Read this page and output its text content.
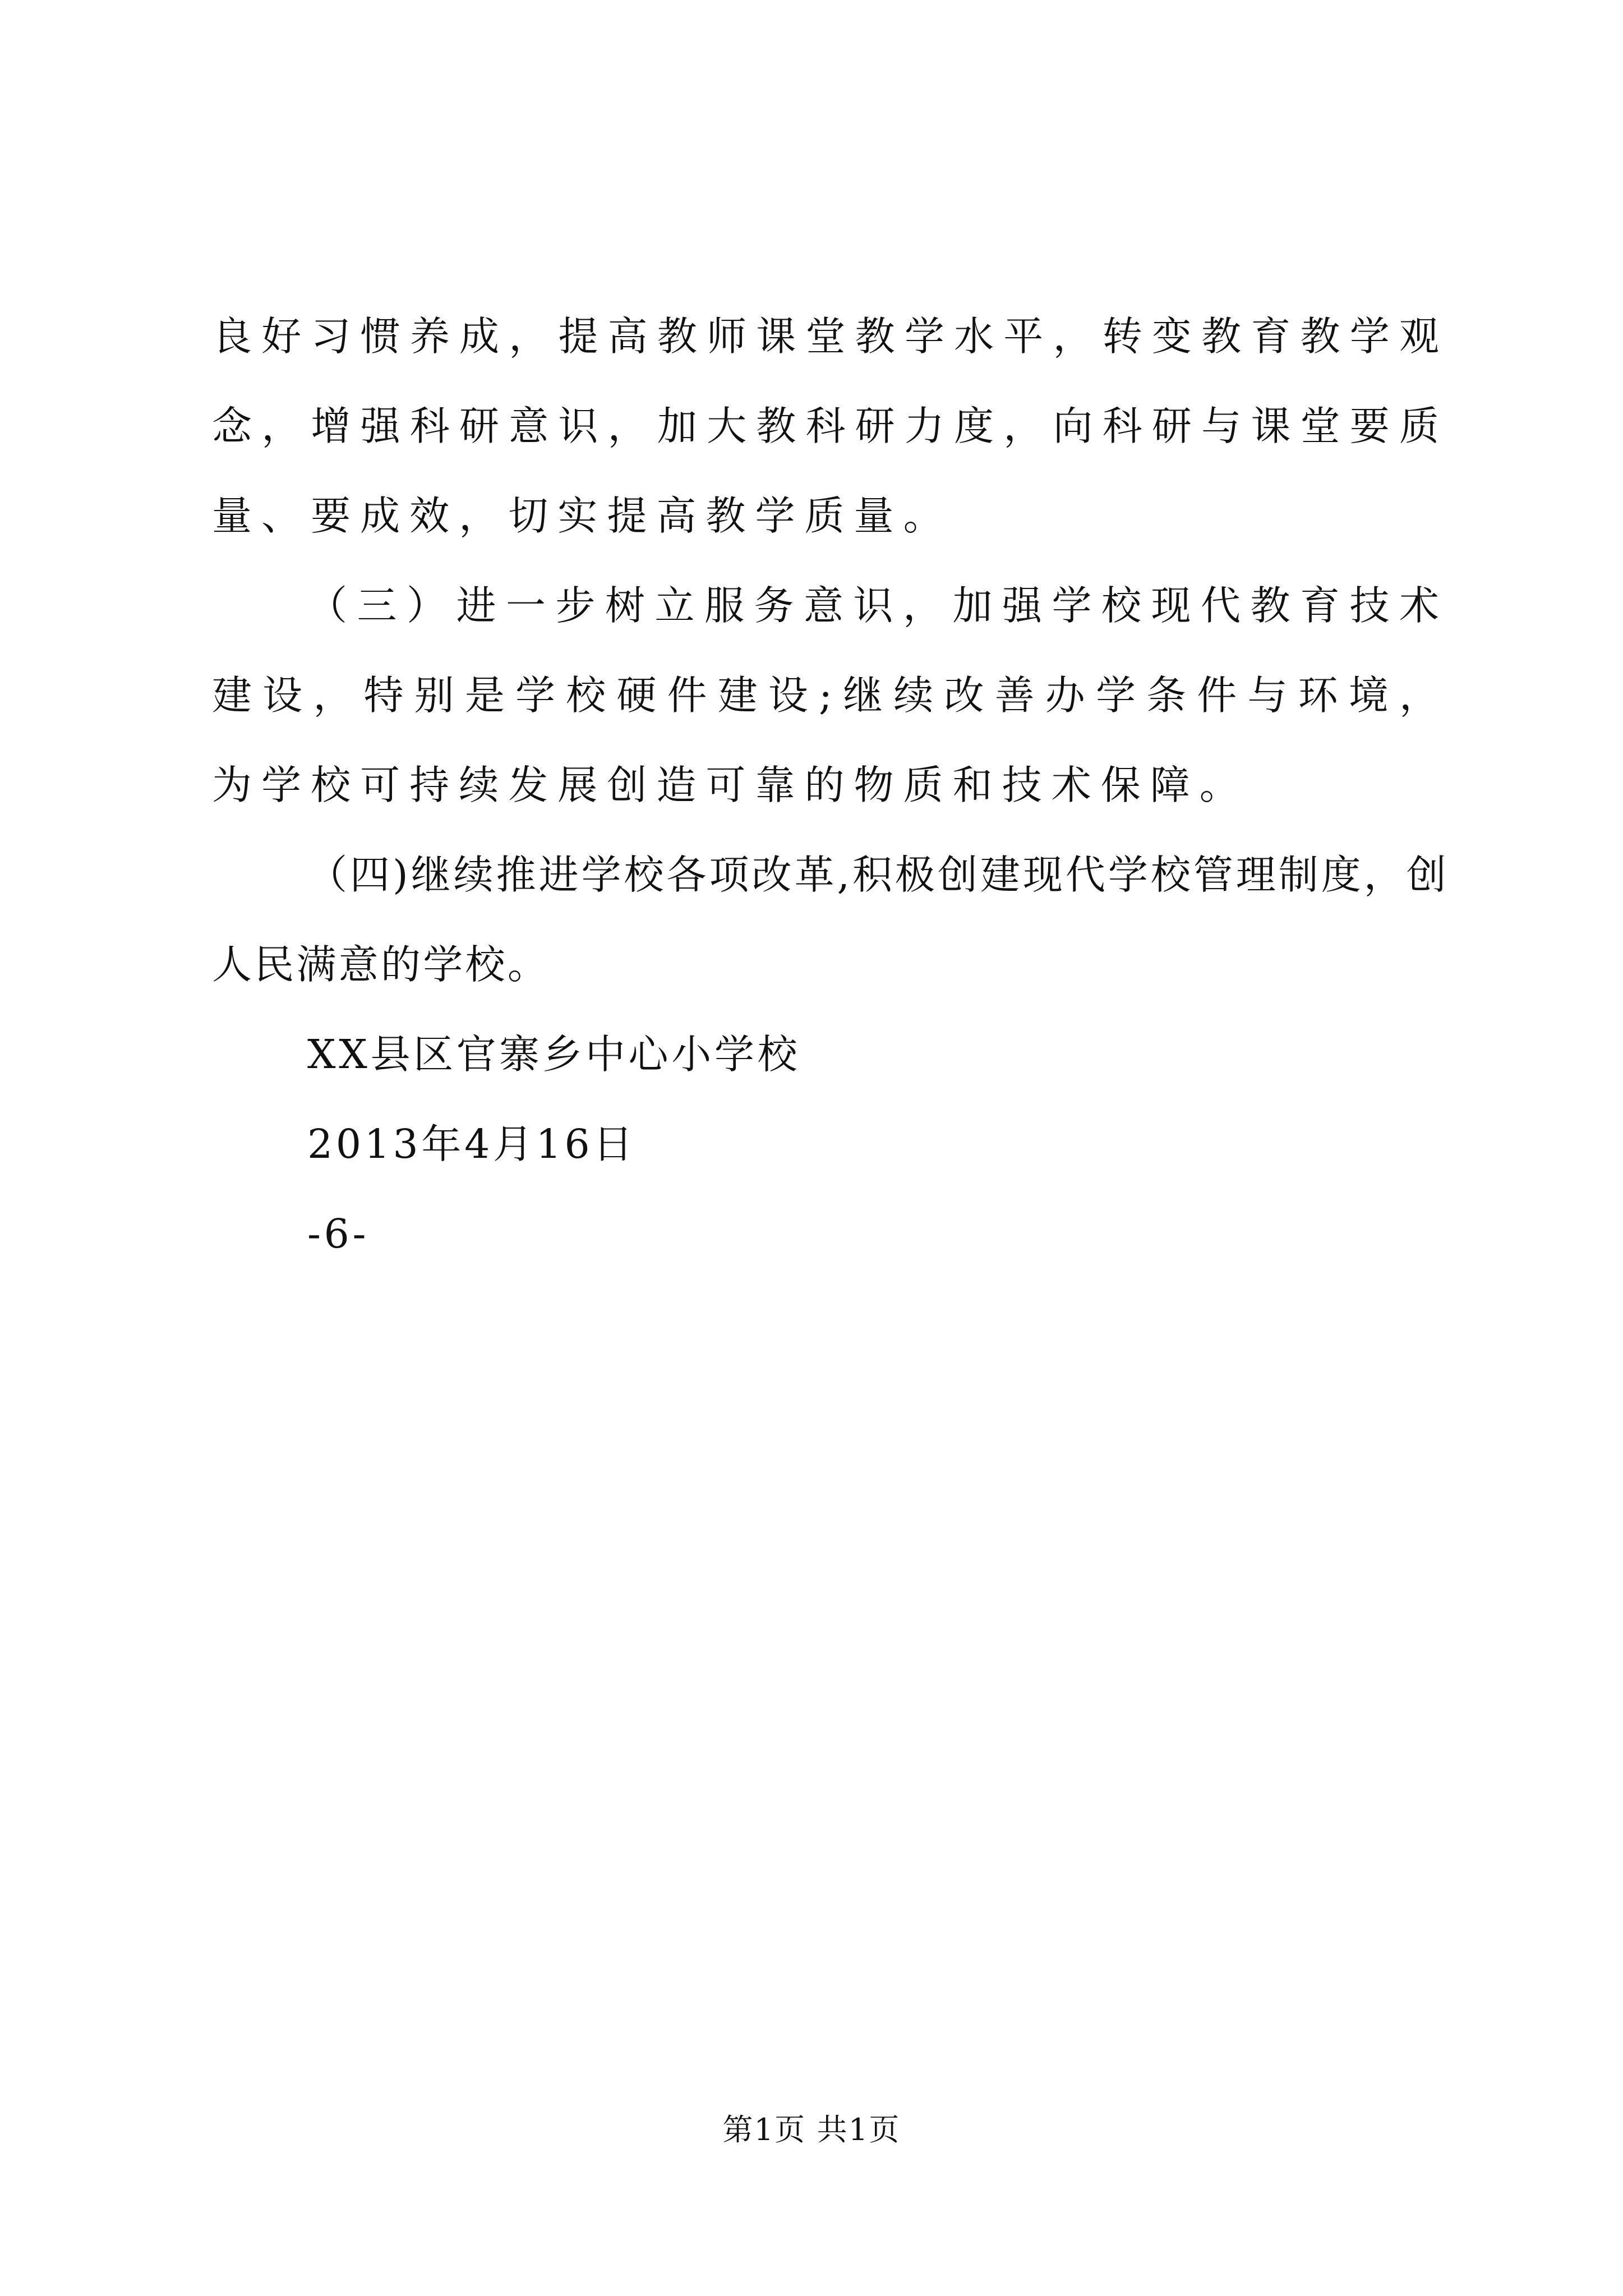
良好习惯养成，提高教师课堂教学水平，转变教育教学观念，增强科研意识，加大教科研力度，向科研与课堂要质量、要成效，切实提高教学质量。

（三）进一步树立服务意识，加强学校现代教育技术建设，特别是学校硬件建设;继续改善办学条件与环境，为学校可持续发展创造可靠的物质和技术保障。

（四)继续推进学校各项改革,积极创建现代学校管理制度，创人民满意的学校。

XX县区官寨乡中心小学校

2013年4月16日

-6-

第1页 共1页
